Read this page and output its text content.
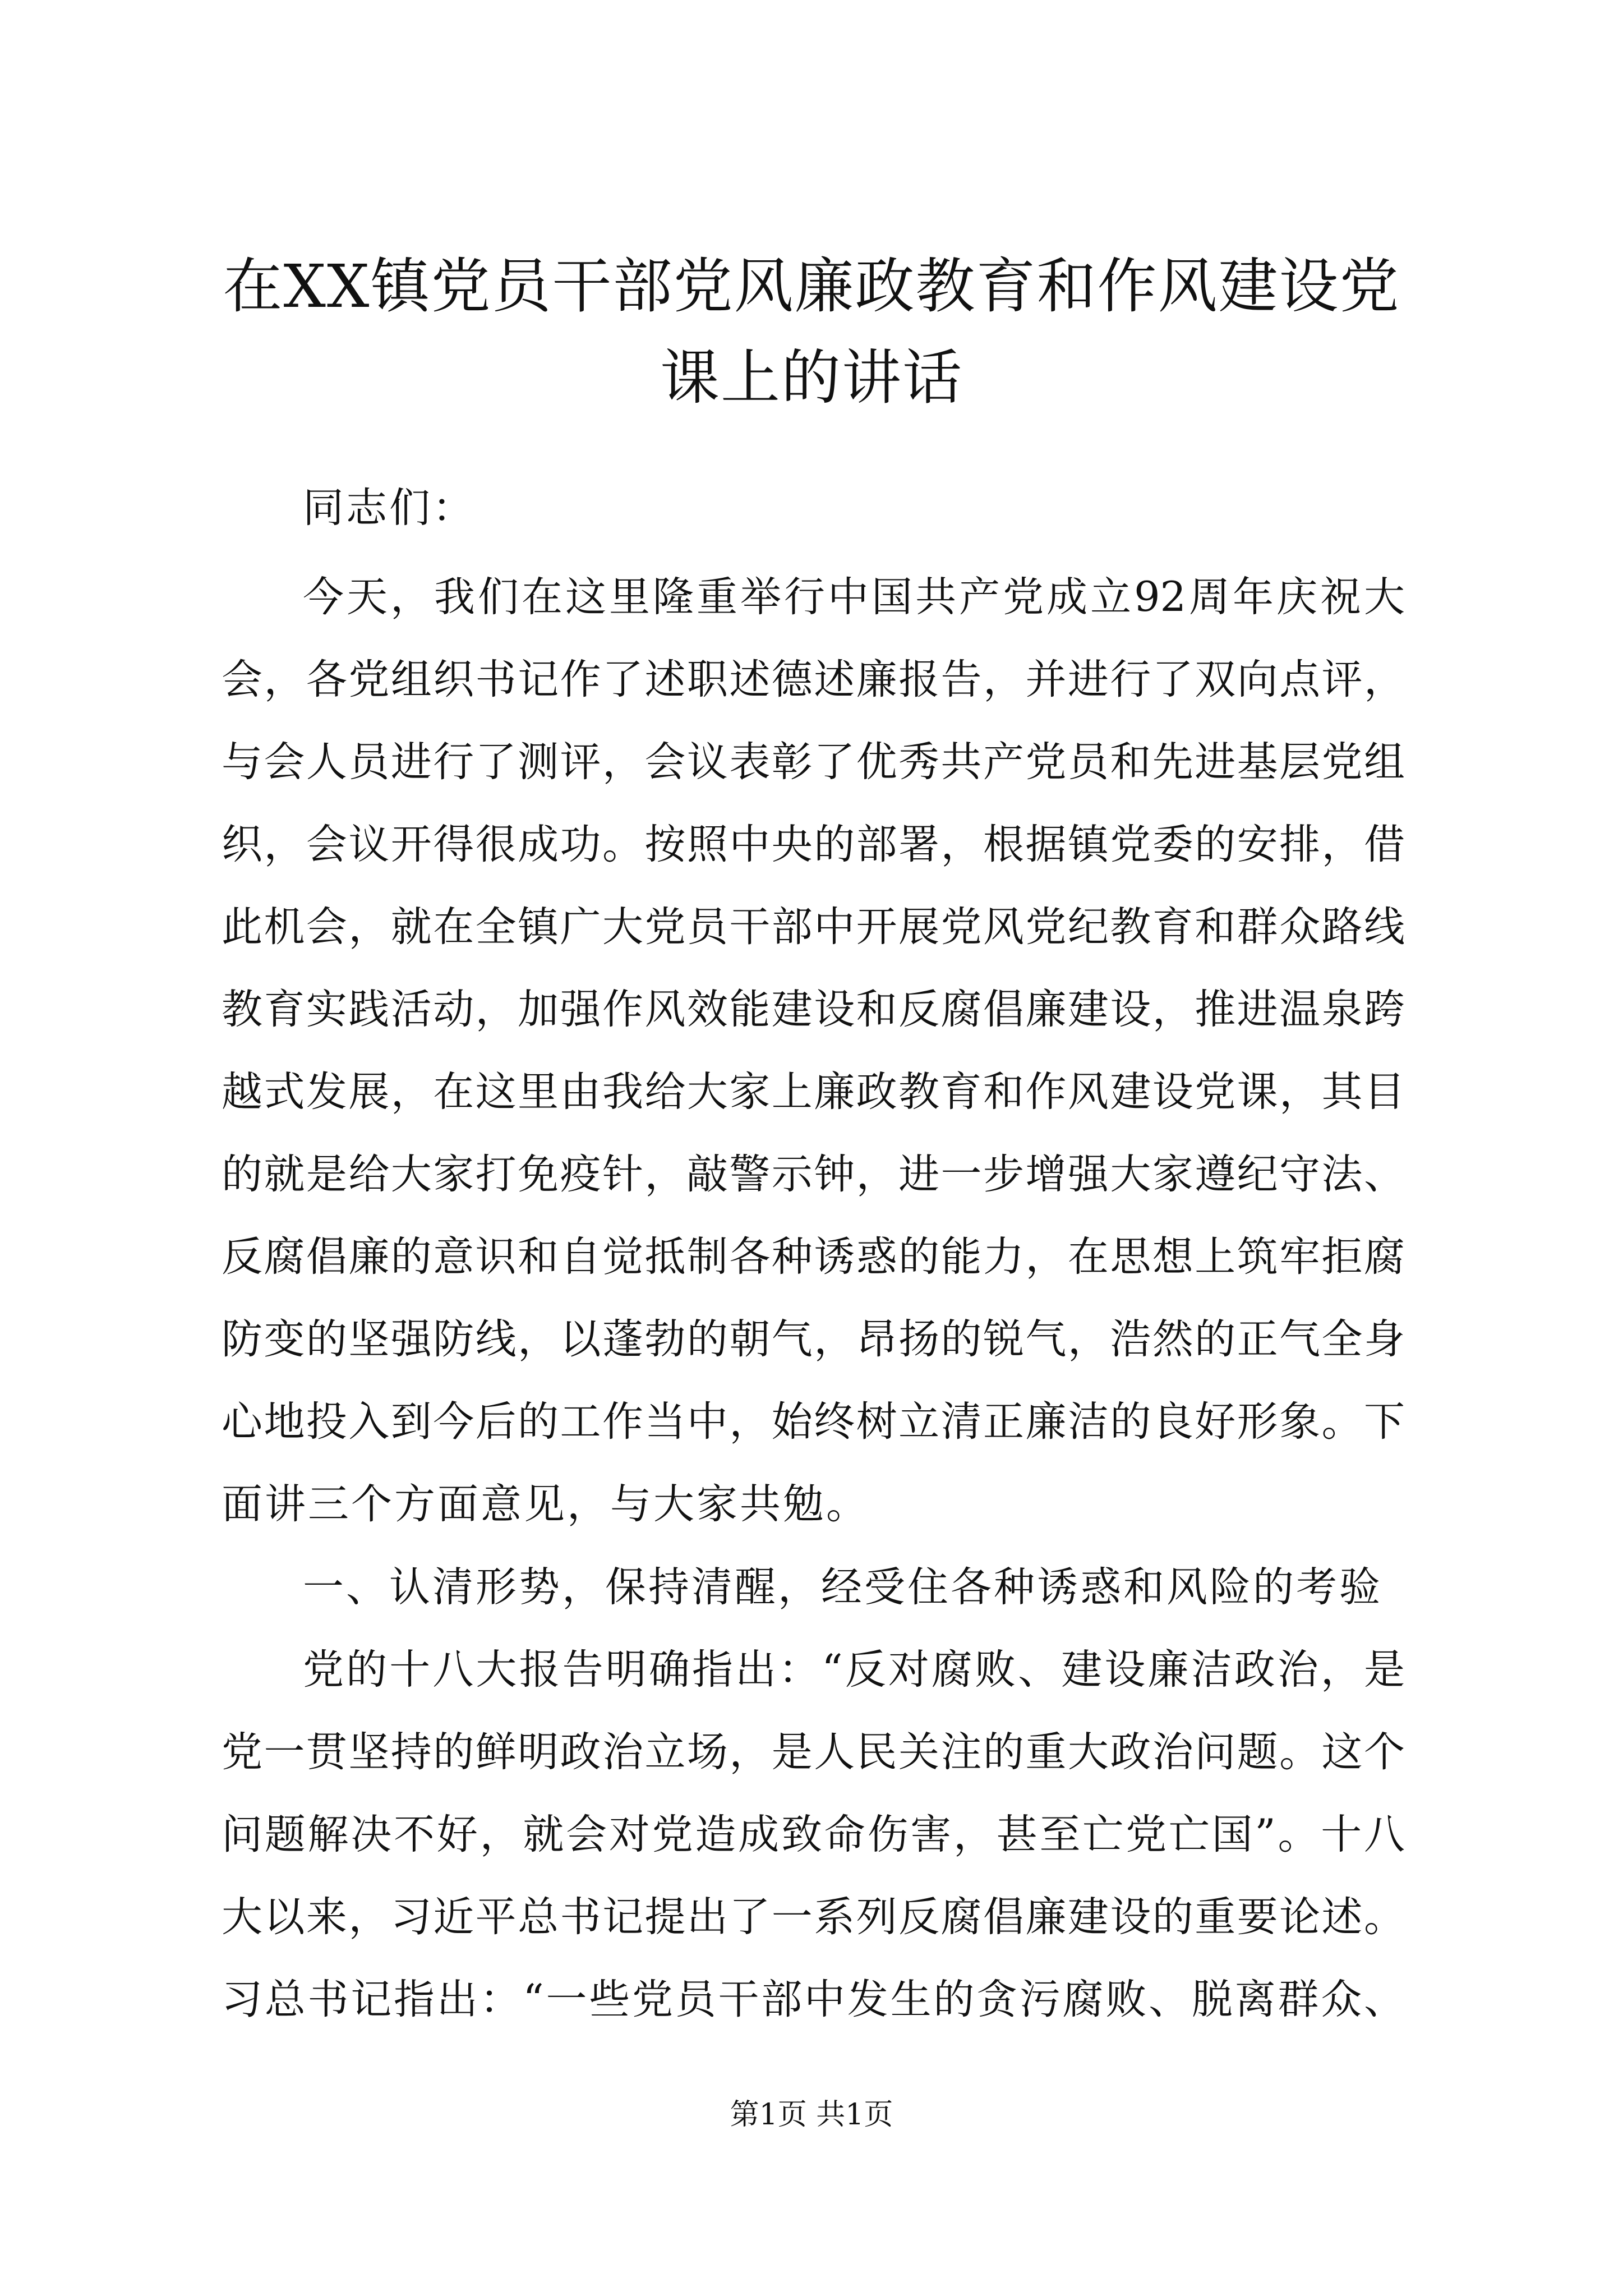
在XX镇党员干部党风廉政教育和作风建设党
课上的讲话

同志们：

今天，我们在这里隆重举行中国共产党成立92周年庆祝大

会，各党组织书记作了述职述德述廉报告，并进行了双向点评，

与会人员进行了测评，会议表彰了优秀共产党员和先进基层党组

织，会议开得很成功。按照中央的部署，根据镇党委的安排，借

此机会，就在全镇广大党员干部中开展党风党纪教育和群众路线

教育实践活动，加强作风效能建设和反腐倡廉建设，推进温泉跨

越式发展，在这里由我给大家上廉政教育和作风建设党课，其目

的就是给大家打免疫针，敲警示钟，进一步增强大家遵纪守法、

反腐倡廉的意识和自觉抵制各种诱惑的能力，在思想上筑牢拒腐

防变的坚强防线，以蓬勃的朝气，昂扬的锐气，浩然的正气全身

心地投入到今后的工作当中，始终树立清正廉洁的良好形象。下

面讲三个方面意见，与大家共勉。

一、认清形势，保持清醒，经受住各种诱惑和风险的考验

党的十八大报告明确指出：“反对腐败、建设廉洁政治，是

党一贯坚持的鲜明政治立场，是人民关注的重大政治问题。这个

问题解决不好，就会对党造成致命伤害，甚至亡党亡国”。十八

大以来，习近平总书记提出了一系列反腐倡廉建设的重要论述。

习总书记指出：“一些党员干部中发生的贪污腐败、脱离群众、

第1页 共1页
